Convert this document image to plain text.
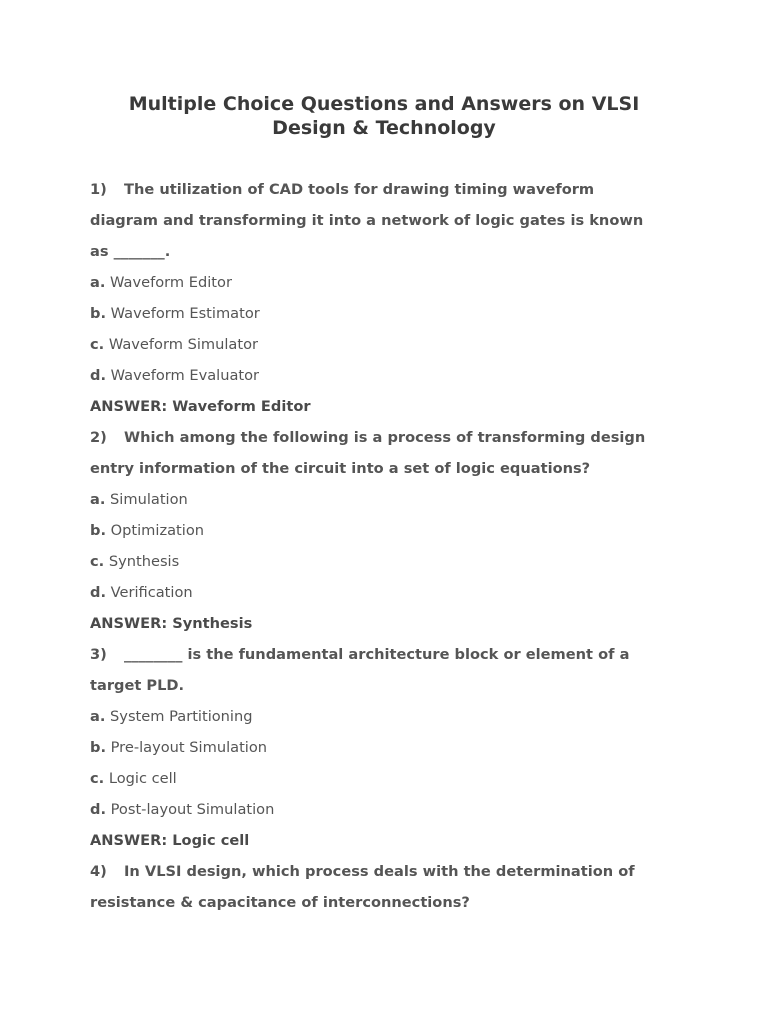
Multiple Choice Questions and Answers on VLSI
Design & Technology
1) The utilization of CAD tools for drawing timing waveform
diagram and transforming it into a network of logic gates is known
as _______.
a. Waveform Editor
b. Waveform Estimator
c. Waveform Simulator
d. Waveform Evaluator
ANSWER: Waveform Editor
2) Which among the following is a process of transforming design
entry information of the circuit into a set of logic equations?
a. Simulation
b. Optimization
c. Synthesis
d. Verification
ANSWER: Synthesis
3) ________ is the fundamental architecture block or element of a
target PLD.
a. System Partitioning
b. Pre-layout Simulation
c. Logic cell
d. Post-layout Simulation
ANSWER: Logic cell
4) In VLSI design, which process deals with the determination of
resistance & capacitance of interconnections?
